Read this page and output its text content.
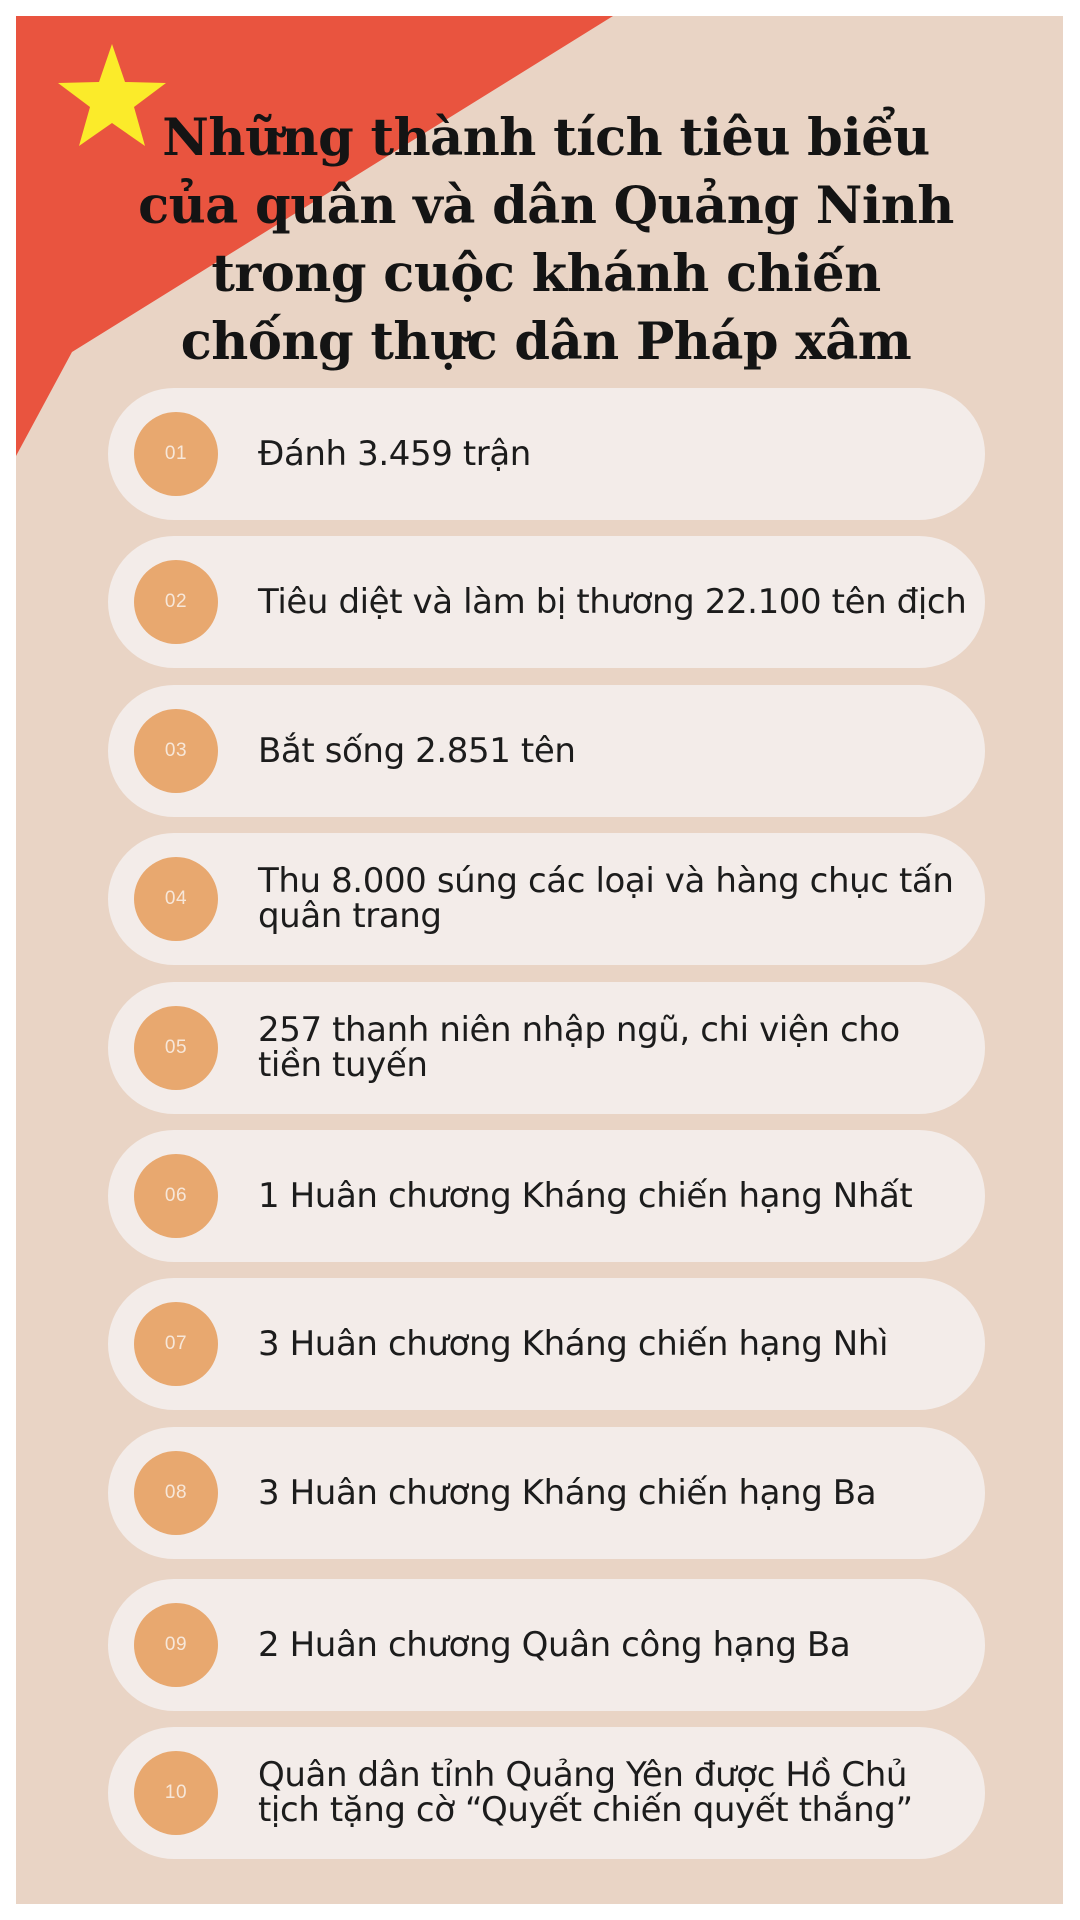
Những thành tích tiêu biểu
của quân và dân Quảng Ninh
trong cuộc khánh chiến
chống thực dân Pháp xâm
01	Đánh 3.459 trận
02	Tiêu diệt và làm bị thương 22.100 tên địch
03	Bắt sống 2.851 tên
04	Thu 8.000 súng các loại và hàng chục tấn quân trang
05	257 thanh niên nhập ngũ, chi viện cho tiền tuyến
06	1 Huân chương Kháng chiến hạng Nhất
07	3 Huân chương Kháng chiến hạng Nhì
08	3 Huân chương Kháng chiến hạng Ba
09	2 Huân chương Quân công hạng Ba
10	Quân dân tỉnh Quảng Yên được Hồ Chủ tịch tặng cờ “Quyết chiến quyết thắng”
